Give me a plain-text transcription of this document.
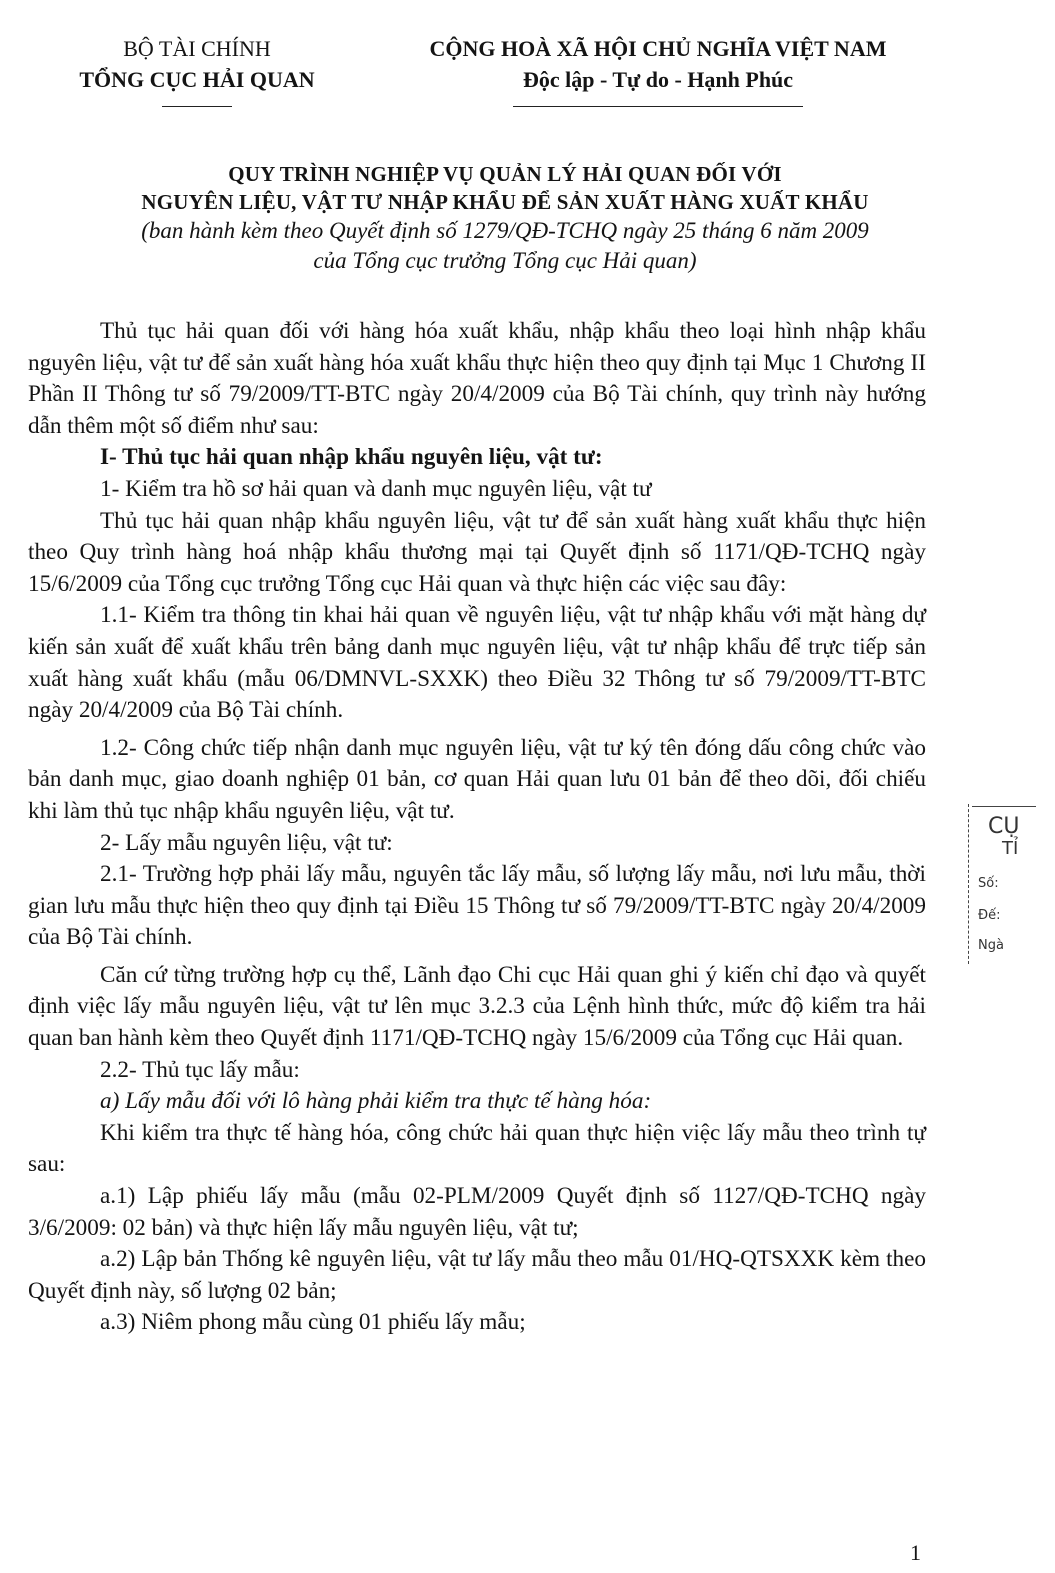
BỘ TÀI CHÍNH
TỔNG CỤC HẢI QUAN
CỘNG HOÀ XÃ HỘI CHỦ NGHĨA VIỆT NAM
Độc lập - Tự do - Hạnh Phúc
QUY TRÌNH NGHIỆP VỤ QUẢN LÝ HẢI QUAN ĐỐI VỚI
NGUYÊN LIỆU, VẬT TƯ NHẬP KHẨU ĐỂ SẢN XUẤT HÀNG XUẤT KHẨU
(ban hành kèm theo Quyết định số 1279/QĐ-TCHQ ngày 25 tháng 6 năm 2009
của Tổng cục trưởng Tổng cục Hải quan)

Thủ tục hải quan đối với hàng hóa xuất khẩu, nhập khẩu theo loại hình nhập khẩu nguyên liệu, vật tư để sản xuất hàng hóa xuất khẩu thực hiện theo quy định tại Mục 1 Chương II Phần II Thông tư số 79/2009/TT-BTC ngày 20/4/2009 của Bộ Tài chính, quy trình này hướng dẫn thêm một số điểm như sau:

I- Thủ tục hải quan nhập khẩu nguyên liệu, vật tư:

1- Kiểm tra hồ sơ hải quan và danh mục nguyên liệu, vật tư

Thủ tục hải quan nhập khẩu nguyên liệu, vật tư để sản xuất hàng xuất khẩu thực hiện theo Quy trình hàng hoá nhập khẩu thương mại tại Quyết định số 1171/QĐ-TCHQ ngày 15/6/2009 của Tổng cục trưởng Tổng cục Hải quan và thực hiện các việc sau đây:

1.1- Kiểm tra thông tin khai hải quan về nguyên liệu, vật tư nhập khẩu với mặt hàng dự kiến sản xuất để xuất khẩu trên bảng danh mục nguyên liệu, vật tư nhập khẩu để trực tiếp sản xuất hàng xuất khẩu (mẫu 06/DMNVL-SXXK) theo Điều 32 Thông tư số 79/2009/TT-BTC ngày 20/4/2009 của Bộ Tài chính.

1.2- Công chức tiếp nhận danh mục nguyên liệu, vật tư ký tên đóng dấu công chức vào bản danh mục, giao doanh nghiệp 01 bản, cơ quan Hải quan lưu 01 bản để theo dõi, đối chiếu khi làm thủ tục nhập khẩu nguyên liệu, vật tư.

2- Lấy mẫu nguyên liệu, vật tư:

2.1- Trường hợp phải lấy mẫu, nguyên tắc lấy mẫu, số lượng lấy mẫu, nơi lưu mẫu, thời gian lưu mẫu thực hiện theo quy định tại Điều 15 Thông tư số 79/2009/TT-BTC ngày 20/4/2009 của Bộ Tài chính.

Căn cứ từng trường hợp cụ thể, Lãnh đạo Chi cục Hải quan ghi ý kiến chỉ đạo và quyết định việc lấy mẫu nguyên liệu, vật tư lên mục 3.2.3 của Lệnh hình thức, mức độ kiểm tra hải quan ban hành kèm theo Quyết định 1171/QĐ-TCHQ ngày 15/6/2009 của Tổng cục Hải quan.

2.2- Thủ tục lấy mẫu:

a) Lấy mẫu đối với lô hàng phải kiểm tra thực tế hàng hóa:

Khi kiểm tra thực tế hàng hóa, công chức hải quan thực hiện việc lấy mẫu theo trình tự sau:

a.1) Lập phiếu lấy mẫu (mẫu 02-PLM/2009 Quyết định số 1127/QĐ-TCHQ ngày 3/6/2009: 02 bản) và thực hiện lấy mẫu nguyên liệu, vật tư;

a.2) Lập bản Thống kê nguyên liệu, vật tư lấy mẫu theo mẫu 01/HQ-QTSXXK kèm theo Quyết định này, số lượng 02 bản;

a.3) Niêm phong mẫu cùng 01 phiếu lấy mẫu;

CỤ
TỈ
Số:
Đế:
Ngà
1
